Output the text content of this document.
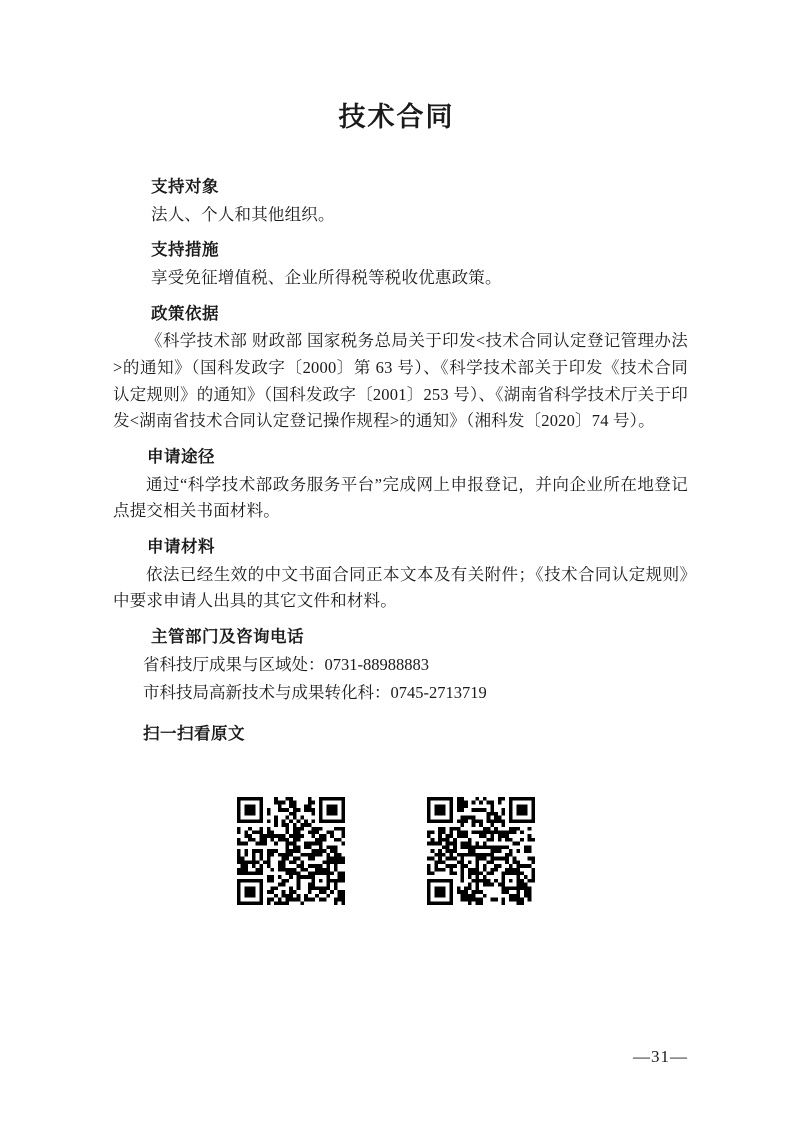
技术合同
支持对象

法人、个人和其他组织。

支持措施

享受免征增值税、企业所得税等税收优惠政策。

政策依据

《科学技术部 财政部 国家税务总局关于印发<技术合同认定登记管理办法>的通知》（国科发政字〔2000〕第 63 号）、《科学技术部关于印发《技术合同认定规则》的通知》（国科发政字〔2001〕253 号）、《湖南省科学技术厅关于印发<湖南省技术合同认定登记操作规程>的通知》（湘科发〔2020〕74 号）。

申请途径

通过“科学技术部政务服务平台”完成网上申报登记，并向企业所在地登记点提交相关书面材料。

申请材料

依法已经生效的中文书面合同正本文本及有关附件；《技术合同认定规则》中要求申请人出具的其它文件和材料。

主管部门及咨询电话

省科技厅成果与区域处：0731-88988883

市科技局高新技术与成果转化科：0745-2713719

扫一扫看原文
—31—
